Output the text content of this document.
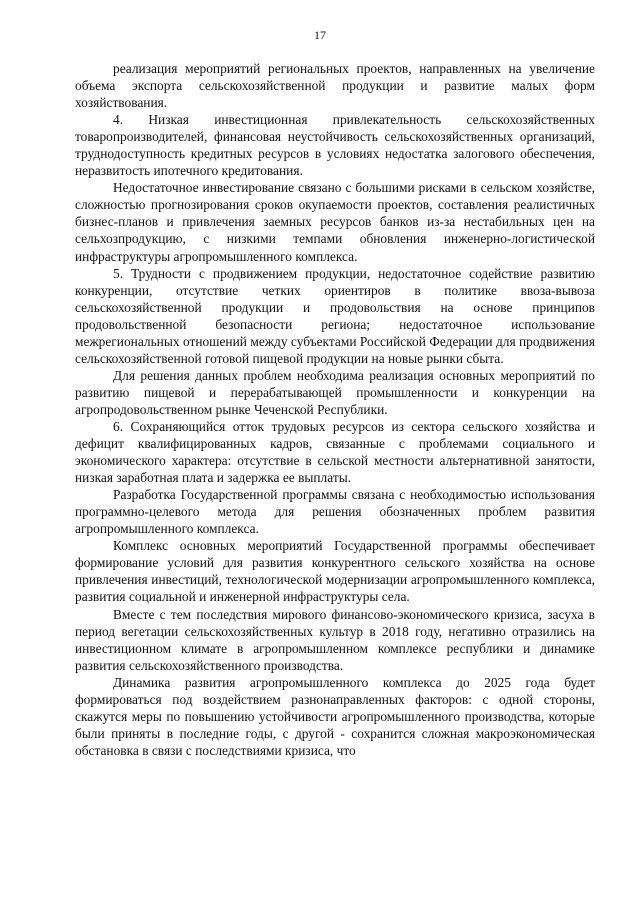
17

реализация мероприятий региональных проектов, направленных на увеличение объема экспорта сельскохозяйственной продукции и развитие малых форм хозяйствования.

4. Низкая инвестиционная привлекательность сельскохозяйственных товаропроизводителей, финансовая неустойчивость сельскохозяйственных организаций, труднодоступность кредитных ресурсов в условиях недостатка залогового обеспечения, неразвитость ипотечного кредитования.

Недостаточное инвестирование связано с большими рисками в сельском хозяйстве, сложностью прогнозирования сроков окупаемости проектов, составления реалистичных бизнес-планов и привлечения заемных ресурсов банков из-за нестабильных цен на сельхозпродукцию, с низкими темпами обновления инженерно-логистической инфраструктуры агропромышленного комплекса.

5. Трудности с продвижением продукции, недостаточное содействие развитию конкуренции, отсутствие четких ориентиров в политике ввоза-вывоза сельскохозяйственной продукции и продовольствия на основе принципов продовольственной безопасности региона; недостаточное использование межрегиональных отношений между субъектами Российской Федерации для продвижения сельскохозяйственной готовой пищевой продукции на новые рынки сбыта.

Для решения данных проблем необходима реализация основных мероприятий по развитию пищевой и перерабатывающей промышленности и конкуренции на агропродовольственном рынке Чеченской Республики.

6. Сохраняющийся отток трудовых ресурсов из сектора сельского хозяйства и дефицит квалифицированных кадров, связанные с проблемами социального и экономического характера: отсутствие в сельской местности альтернативной занятости, низкая заработная плата и задержка ее выплаты.

Разработка Государственной программы связана с необходимостью использования программно-целевого метода для решения обозначенных проблем развития агропромышленного комплекса.

Комплекс основных мероприятий Государственной программы обеспечивает формирование условий для развития конкурентного сельского хозяйства на основе привлечения инвестиций, технологической модернизации агропромышленного комплекса, развития социальной и инженерной инфраструктуры села.

Вместе с тем последствия мирового финансово-экономического кризиса, засуха в период вегетации сельскохозяйственных культур в 2018 году, негативно отразились на инвестиционном климате в агропромышленном комплексе республики и динамике развития сельскохозяйственного производства.

Динамика развития агропромышленного комплекса до 2025 года будет формироваться под воздействием разнонаправленных факторов: с одной стороны, скажутся меры по повышению устойчивости агропромышленного производства, которые были приняты в последние годы, с другой - сохранится сложная макроэкономическая обстановка в связи с последствиями кризиса, что
